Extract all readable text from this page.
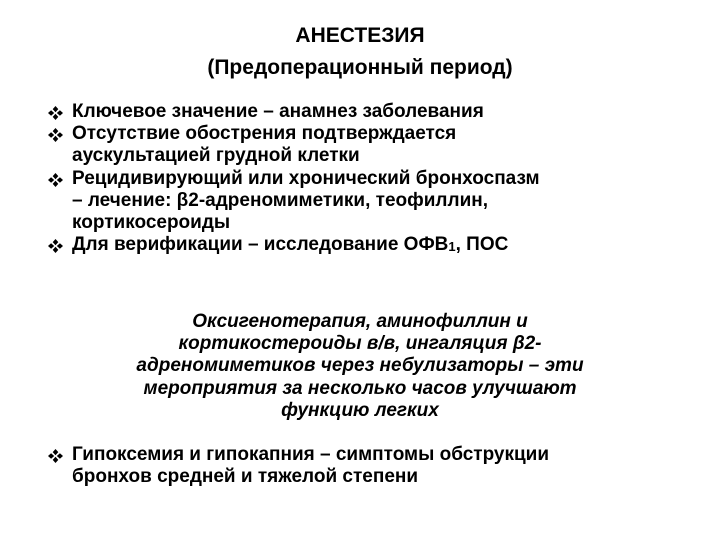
АНЕСТЕЗИЯ
(Предоперационный период)
Ключевое значение – анамнез заболевания
Отсутствие обострения подтверждается
аускультацией грудной клетки
Рецидивирующий или хронический бронхоспазм
– лечение: β2-адреномиметики, теофиллин,
кортикосероиды
Для верификации – исследование ОФВ1, ПОС
Оксигенотерапия, аминофиллин и
кортикостероиды в/в, ингаляция β2-
адреномиметиков через небулизаторы – эти
мероприятия за несколько часов улучшают
функцию легких
Гипоксемия и гипокапния – симптомы обструкции
бронхов средней и тяжелой степени
